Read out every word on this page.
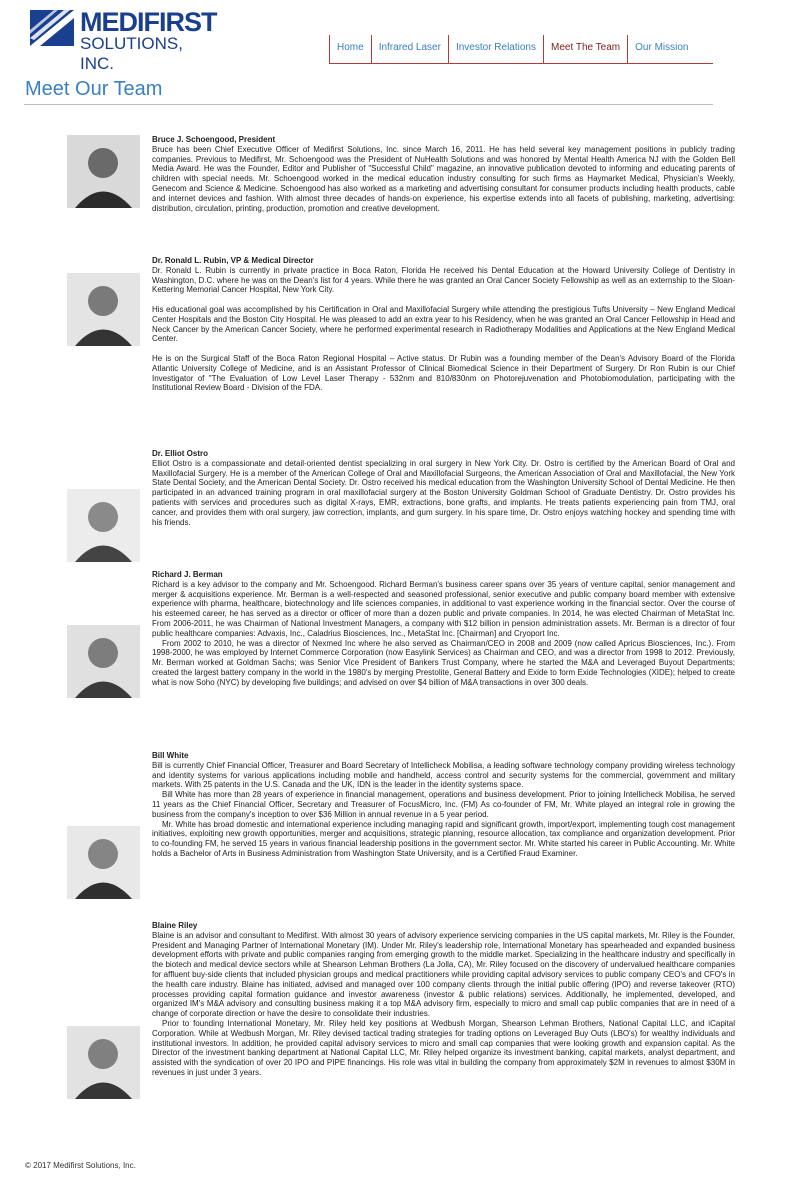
MEDIFIRST
SOLUTIONS, INC.
Home	Infrared Laser	Investor Relations	Meet The Team	Our Mission
Meet Our Team
Bruce J. Schoengood, President

Bruce has been Chief Executive Officer of Medifirst Solutions, Inc. since March 16, 2011. He has held several key management positions in publicly trading companies. Previous to Medifirst, Mr. Schoengood was the President of NuHealth Solutions and was honored by Mental Health America NJ with the Golden Bell Media Award. He was the Founder, Editor and Publisher of "Successful Child" magazine, an innovative publication devoted to informing and educating parents of children with special needs. Mr. Schoengood worked in the medical education industry consulting for such firms as Haymarket Medical, Physician's Weekly, Genecom and Science & Medicine. Schoengood has also worked as a marketing and advertising consultant for consumer products including health products, cable and internet devices and fashion. With almost three decades of hands-on experience, his expertise extends into all facets of publishing, marketing, advertising: distribution, circulation, printing, production, promotion and creative development.

Dr. Ronald L. Rubin, VP & Medical Director

Dr. Ronald L. Rubin is currently in private practice in Boca Raton, Florida He received his Dental Education at the Howard University College of Dentistry in Washington, D.C. where he was on the Dean's list for 4 years. While there he was granted an Oral Cancer Society Fellowship as well as an externship to the Sloan-Kettering Memorial Cancer Hospital, New York City.

His educational goal was accomplished by his Certification in Oral and Maxillofacial Surgery while attending the prestigious Tufts University – New England Medical Center Hospitals and the Boston City Hospital. He was pleased to add an extra year to his Residency, when he was granted an Oral Cancer Fellowship in Head and Neck Cancer by the American Cancer Society, where he performed experimental research in Radiotherapy Modalities and Applications at the New England Medical Center.

He is on the Surgical Staff of the Boca Raton Regional Hospital – Active status. Dr Rubin was a founding member of the Dean's Advisory Board of the Florida Atlantic University College of Medicine, and is an Assistant Professor of Clinical Biomedical Science in their Department of Surgery. Dr Ron Rubin is our Chief Investigator of "The Evaluation of Low Level Laser Therapy - 532nm and 810/830nm on Photorejuvenation and Photobiomodulation, participating with the Institutional Review Board - Division of the FDA.

Dr. Elliot Ostro

Elliot Ostro is a compassionate and detail-oriented dentist specializing in oral surgery in New York City. Dr. Ostro is certified by the American Board of Oral and Maxillofacial Surgery. He is a member of the American College of Oral and Maxillofacial Surgeons, the American Association of Oral and Maxillofacial, the New York State Dental Society, and the American Dental Society. Dr. Ostro received his medical education from the Washington University School of Dental Medicine. He then participated in an advanced training program in oral maxillofacial surgery at the Boston University Goldman School of Graduate Dentistry. Dr. Ostro provides his patients with services and procedures such as digital X-rays, EMR, extractions, bone grafts, and implants. He treats patients experiencing pain from TMJ, oral cancer, and provides them with oral surgery, jaw correction, implants, and gum surgery. In his spare time, Dr. Ostro enjoys watching hockey and spending time with his friends.

Richard J. Berman

Richard is a key advisor to the company and Mr. Schoengood. Richard Berman's business career spans over 35 years of venture capital, senior management and merger & acquisitions experience. Mr. Berman is a well-respected and seasoned professional, senior executive and public company board member with extensive experience with pharma, healthcare, biotechnology and life sciences companies, in additional to vast experience working in the financial sector. Over the course of his esteemed career, he has served as a director or officer of more than a dozen public and private companies. In 2014, he was elected Chairman of MetaStat Inc. From 2006-2011, he was Chairman of National Investment Managers, a company with $12 billion in pension administration assets. Mr. Berman is a director of four public healthcare companies: Advaxis, Inc., Caladrius Biosciences, Inc., MetaStat Inc. [Chairman] and Cryoport Inc.

From 2002 to 2010, he was a director of Nexmed Inc where he also served as Chairman/CEO in 2008 and 2009 (now called Apricus Biosciences, Inc.). From 1998-2000, he was employed by Internet Commerce Corporation (now Easylink Services) as Chairman and CEO, and was a director from 1998 to 2012. Previously, Mr. Berman worked at Goldman Sachs; was Senior Vice President of Bankers Trust Company, where he started the M&A and Leveraged Buyout Departments; created the largest battery company in the world in the 1980's by merging Prestolite, General Battery and Exide to form Exide Technologies (XIDE); helped to create what is now Soho (NYC) by developing five buildings; and advised on over $4 billion of M&A transactions in over 300 deals.

Bill White

Bill is currently Chief Financial Officer, Treasurer and Board Secretary of Intellicheck Mobilisa, a leading software technology company providing wireless technology and identity systems for various applications including mobile and handheld, access control and security systems for the commercial, government and military markets. With 25 patents in the U.S. Canada and the UK, IDN is the leader in the identity systems space.

Bill White has more than 28 years of experience in financial management, operations and business development. Prior to joining Intellicheck Mobilisa, he served 11 years as the Chief Financial Officer, Secretary and Treasurer of FocusMicro, Inc. (FM) As co-founder of FM, Mr. White played an integral role in growing the business from the company's inception to over $36 Million in annual revenue in a 5 year period.

Mr. White has broad domestic and international experience including managing rapid and significant growth, import/export, implementing tough cost management initiatives, exploiting new growth opportunities, merger and acquisitions, strategic planning, resource allocation, tax compliance and organization development. Prior to co-founding FM, he served 15 years in various financial leadership positions in the government sector. Mr. White started his career in Public Accounting. Mr. White holds a Bachelor of Arts in Business Administration from Washington State University, and is a Certified Fraud Examiner.

Blaine Riley

Blaine is an advisor and consultant to Medifirst. With almost 30 years of advisory experience servicing companies in the US capital markets, Mr. Riley is the Founder, President and Managing Partner of International Monetary (IM). Under Mr. Riley's leadership role, International Monetary has spearheaded and expanded business development efforts with private and public companies ranging from emerging growth to the middle market. Specializing in the healthcare industry and specifically in the biotech and medical device sectors while at Shearson Lehman Brothers (La Jolla, CA), Mr. Riley focused on the discovery of undervalued healthcare companies for affluent buy-side clients that included physician groups and medical practitioners while providing capital advisory services to public company CEO's and CFO's in the health care industry. Blaine has initiated, advised and managed over 100 company clients through the initial public offering (IPO) and reverse takeover (RTO) processes providing capital formation guidance and investor awareness (investor & public relations) services. Additionally, he implemented, developed, and organized IM's M&A advisory and consulting business making it a top M&A advisory firm, especially to micro and small cap public companies that are in need of a change of corporate direction or have the desire to consolidate their industries.

Prior to founding International Monetary, Mr. Riley held key positions at Wedbush Morgan, Shearson Lehman Brothers, National Capital LLC, and iCapital Corporation. While at Wedbush Morgan, Mr. Riley devised tactical trading strategies for trading options on Leveraged Buy Outs (LBO's) for wealthy individuals and institutional investors. In addition, he provided capital advisory services to micro and small cap companies that were looking growth and expansion capital. As the Director of the investment banking department at National Capital LLC, Mr. Riley helped organize its investment banking, capital markets, analyst department, and assisted with the syndication of over 20 IPO and PIPE financings. His role was vital in building the company from approximately $2M in revenues to almost $30M in revenues in just under 3 years.

© 2017 Medifirst Solutions, Inc.
